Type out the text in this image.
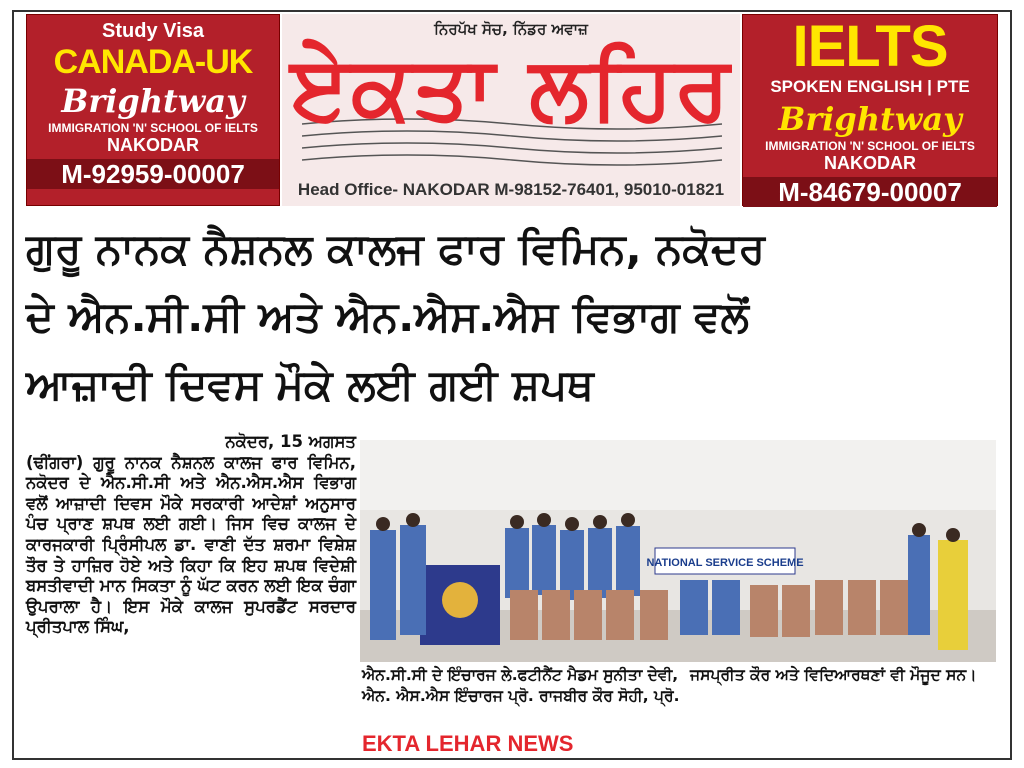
Study Visa
CANADA-UK
Brightway
IMMIGRATION 'N' SCHOOL OF IELTS
NAKODAR
M-92959-00007
ਨਿਰਪੱਖ ਸੋਚ, ਨਿੱਡਰ ਅਵਾਜ਼
ਏਕਤਾ ਲਹਿਰ
Head Office- NAKODAR M-98152-76401, 95010-01821
IELTS
SPOKEN ENGLISH | PTE
Brightway
IMMIGRATION 'N' SCHOOL OF IELTS
NAKODAR
M-84679-00007
ਗੁਰੂ ਨਾਨਕ ਨੈਸ਼ਨਲ ਕਾਲਜ ਫਾਰ ਵਿਮਿਨ, ਨਕੋਦਰ
ਦੇ ਐਨ.ਸੀ.ਸੀ ਅਤੇ ਐਨ.ਐਸ.ਐਸ ਵਿਭਾਗ ਵਲੋਂ
ਆਜ਼ਾਦੀ ਦਿਵਸ ਮੌਕੇ ਲਈ ਗਈ ਸ਼ਪਥ
ਨਕੋਦਰ, 15 ਅਗਸਤ
(ਢੀਂਗਰਾ) ਗੁਰੂ ਨਾਨਕ ਨੈਸ਼ਨਲ ਕਾਲਜ ਫਾਰ ਵਿਮਿਨ, ਨਕੋਦਰ ਦੇ ਐਨ.ਸੀ.ਸੀ ਅਤੇ ਐਨ.ਐਸ.ਐਸ ਵਿਭਾਗ ਵਲੋਂ ਆਜ਼ਾਦੀ ਦਿਵਸ ਮੌਕੇ ਸਰਕਾਰੀ ਆਦੇਸ਼ਾਂ ਅਨੁਸਾਰ ਪੰਚ ਪ੍ਰਾਣ ਸ਼ਪਥ ਲਈ ਗਈ। ਜਿਸ ਵਿਚ ਕਾਲਜ ਦੇ ਕਾਰਜਕਾਰੀ ਪ੍ਰਿੰਸੀਪਲ ਡਾ. ਵਾਣੀ ਦੱਤ ਸ਼ਰਮਾ ਵਿਸ਼ੇਸ਼ ਤੌਰ ਤੇ ਹਾਜ਼ਿਰ ਹੋਏ ਅਤੇ ਕਿਹਾ ਕਿ ਇਹ ਸ਼ਪਥ ਵਿਦੇਸ਼ੀ ਬਸਤੀਵਾਦੀ ਮਾਨ ਸਿਕਤਾ ਨੂੰ ਘੱਟ ਕਰਨ ਲਈ ਇਕ ਚੰਗਾ ਉਪਰਾਲਾ ਹੈ। ਇਸ ਮੌਕੇ ਕਾਲਜ ਸੁਪਰਡੈਂਟ ਸਰਦਾਰ ਪ੍ਰੀਤਪਾਲ ਸਿੰਘ,
NATIONAL SERVICE SCHEME
ਐਨ.ਸੀ.ਸੀ ਦੇ ਇੰਚਾਰਜ ਲੇ.ਫਟੀਨੈਂਟ ਮੈਡਮ ਸੁਨੀਤਾ ਦੇਵੀ, ਐਨ. ਐਸ.ਐਸ ਇੰਚਾਰਜ ਪ੍ਰੋ. ਰਾਜਬੀਰ ਕੌਰ ਸੋਹੀ, ਪ੍ਰੋ.
ਜਸਪ੍ਰੀਤ ਕੌਰ ਅਤੇ ਵਿਦਿਆਰਥਣਾਂ ਵੀ ਮੌਜੂਦ ਸਨ।
EKTA LEHAR NEWS
